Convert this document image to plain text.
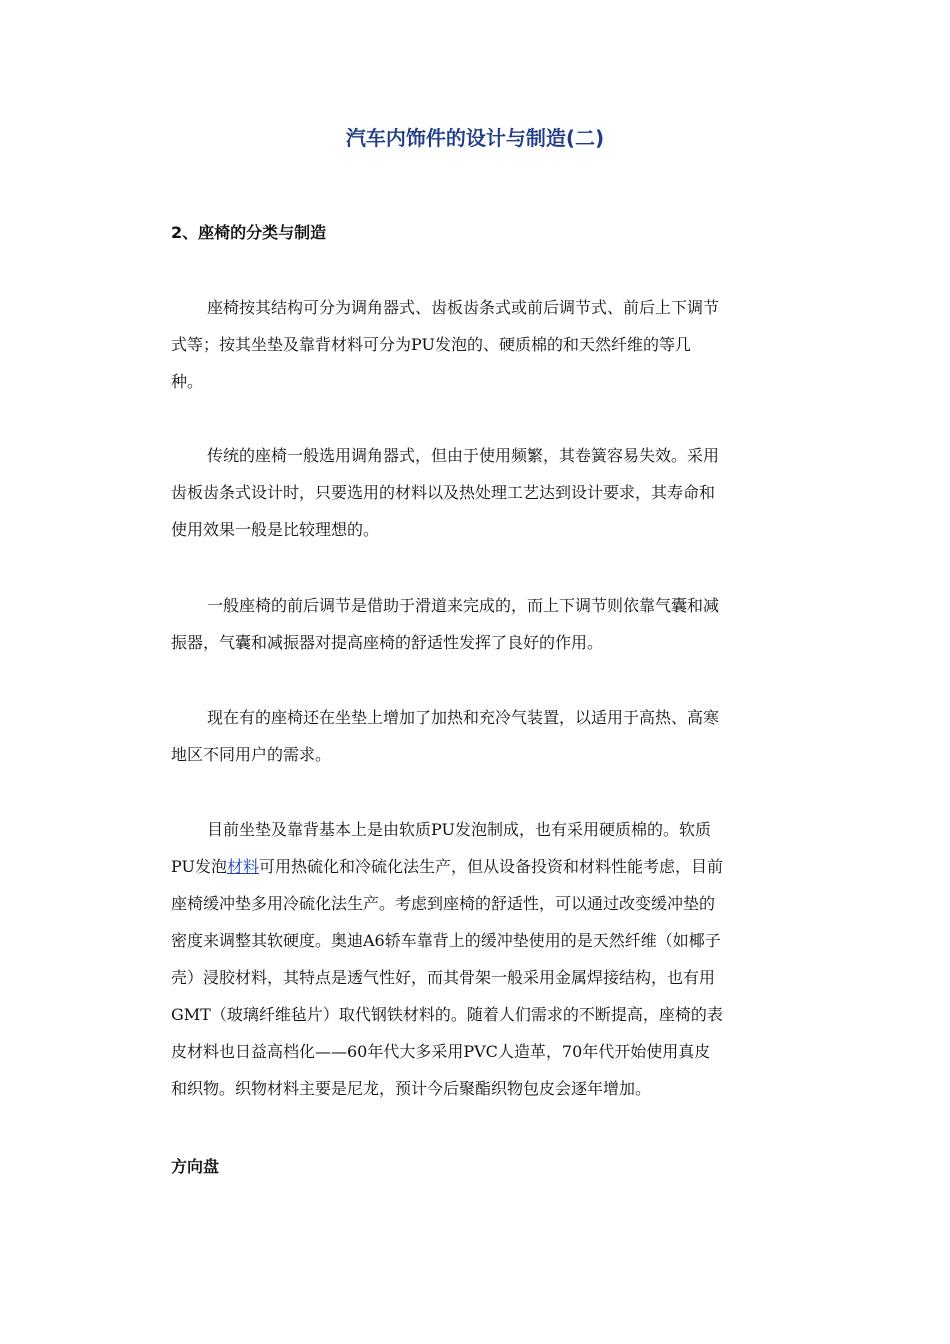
汽车内饰件的设计与制造(二)
2、座椅的分类与制造

座椅按其结构可分为调角器式、齿板齿条式或前后调节式、前后上下调节
式等；按其坐垫及靠背材料可分为PU发泡的、硬质棉的和天然纤维的等几
种。

传统的座椅一般选用调角器式，但由于使用频繁，其卷簧容易失效。采用
齿板齿条式设计时，只要选用的材料以及热处理工艺达到设计要求，其寿命和
使用效果一般是比较理想的。

一般座椅的前后调节是借助于滑道来完成的，而上下调节则依靠气囊和减
振器，气囊和减振器对提高座椅的舒适性发挥了良好的作用。

现在有的座椅还在坐垫上增加了加热和充冷气装置，以适用于高热、高寒
地区不同用户的需求。

目前坐垫及靠背基本上是由软质PU发泡制成，也有采用硬质棉的。软质
PU发泡材料可用热硫化和冷硫化法生产，但从设备投资和材料性能考虑，目前
座椅缓冲垫多用冷硫化法生产。考虑到座椅的舒适性，可以通过改变缓冲垫的
密度来调整其软硬度。奥迪A6轿车靠背上的缓冲垫使用的是天然纤维（如椰子
壳）浸胶材料，其特点是透气性好，而其骨架一般采用金属焊接结构，也有用
GMT（玻璃纤维毡片）取代钢铁材料的。随着人们需求的不断提高，座椅的表
皮材料也日益高档化——60年代大多采用PVC人造革，70年代开始使用真皮
和织物。织物材料主要是尼龙，预计今后聚酯织物包皮会逐年增加。

方向盘
